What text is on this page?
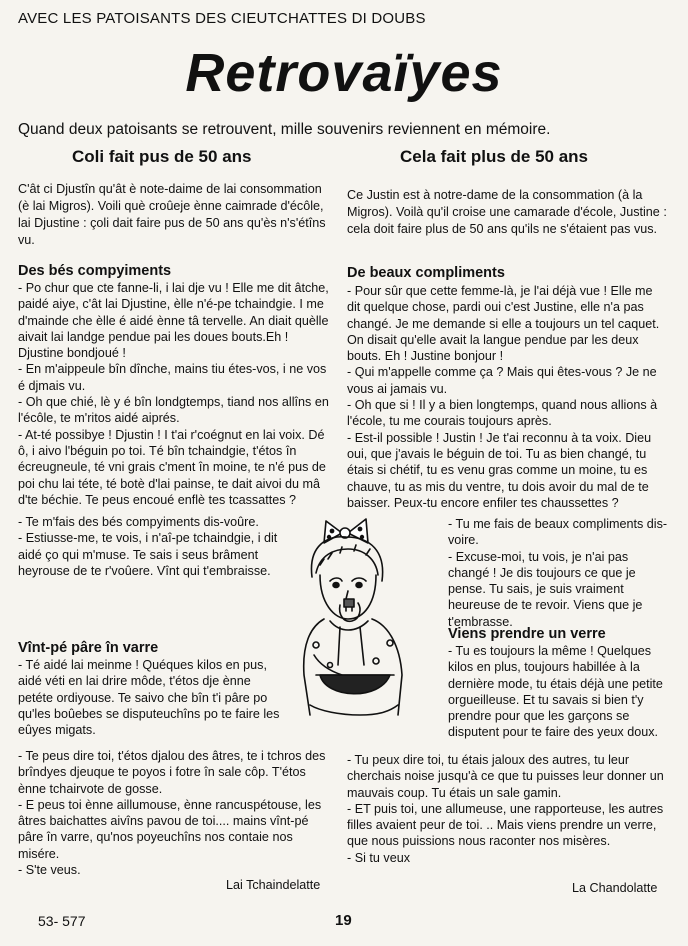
AVEC LES PATOISANTS DES CIEUTCHATTES DI DOUBS
Retrovaïyes
Quand deux patoisants se retrouvent, mille souvenirs reviennent en mémoire.
Coli fait pus de 50 ans	Cela fait plus de 50 ans
C'ât ci Djustîn qu'ât è note-daime de lai consommation (è lai Migros). Voili què croûeje ènne caimrade d'écôle, lai Djustine : çoli dait faire pus de 50 ans qu'ès n's'étîns vu.
Des bés compyiments

- Po chur que cte fanne-li, i lai dje vu ! Elle me dit âtche, paidé aiye, c'ât lai Djustine, èlle n'é-pe tchaindgie. I me d'mainde che èlle é aidé ènne tâ tervelle. An diait quèlle aivait lai landge pendue pai les doues bouts.Eh ! Djustine bondjoué !

- En m'aippeule bîn dînche, mains tiu étes-vos, i ne vos é djmais vu.

- Oh que chié, lè y é bîn londgtemps, tiand nos allîns en l'écôle, te m'ritos aidé aiprés.

- At-té possibye ! Djustin ! I t'ai r'coégnut en lai voix. Dé ô, i aivo l'béguin po toi. Té bîn tchaindgie, t'étos în écreugneule, té vni grais c'ment în moine, te n'é pus de poi chu lai téte, té botè d'lai painse, te dait aivoi du mâ d'te béchie. Te peus encoué enflè tes tcassattes ?

- Te m'fais des bés compyiments dis-voûre.

- Estiusse-me, te vois, i n'aî-pe tchaindgie, i dit aidé ço qui m'muse. Te sais i seus brâment heyrouse de te r'voûere. Vînt qui t'embraisse.

Vînt-pé pâre în varre

- Té aidé lai meinme ! Quéques kilos en pus, aidé véti en lai drire môde, t'étos dje ènne petéte ordiyouse. Te saivo che bîn t'i pâre po qu'les boûebes se disputeuchîns po te faire les eûyes migats.

- Te peus dire toi, t'étos djalou des âtres, te i tchros des brîndyes djeuque te poyos i fotre în sale côp. T'étos ènne tchairvote de gosse.

- E peus toi ènne aillumouse, ènne rancuspétouse, les âtres baichattes aivîns pavou de toi.... mains vînt-pé pâre în varre, qu'nos poyeuchîns nos contaie nos misére.

- S'te veus.

Lai Tchaindelatte
Ce Justin est à notre-dame de la consommation (à la Migros). Voilà qu'il croise une camarade d'école, Justine : cela doit faire plus de 50 ans qu'ils ne s'étaient pas vus.
De beaux compliments

- Pour sûr que cette femme-là, je l'ai déjà vue ! Elle me dit quelque chose, pardi oui c'est Justine, elle n'a pas changé. Je me demande si elle a toujours un tel caquet. On disait qu'elle avait la langue pendue par les deux bouts. Eh ! Justine bonjour !

- Qui m'appelle comme ça ? Mais qui êtes-vous ? Je ne vous ai jamais vu.

- Oh que si ! Il y a bien longtemps, quand nous allions à l'école, tu me courais toujours après.

- Est-il possible ! Justin ! Je t'ai reconnu à ta voix. Dieu oui, que j'avais le béguin de toi. Tu as bien changé, tu étais si chétif, tu es venu gras comme un moine, tu es chauve, tu as mis du ventre, tu dois avoir du mal de te baisser. Peux-tu encore enfiler tes chaussettes ?

- Tu me fais de beaux compliments dis-voire.

- Excuse-moi, tu vois, je n'ai pas changé ! Je dis toujours ce que je pense. Tu sais, je suis vraiment heureuse de te revoir. Viens que je t'embrasse.

Viens prendre un verre

- Tu es toujours la même ! Quelques kilos en plus, toujours habillée à la dernière mode, tu étais déjà une petite orgueilleuse. Et tu savais si bien t'y prendre pour que les garçons se disputent pour te faire des yeux doux.

- Tu peux dire toi, tu étais jaloux des autres, tu leur cherchais noise jusqu'à ce que tu puisses leur donner un mauvais coup. Tu étais un sale gamin.

- ET puis toi, une allumeuse, une rapporteuse, les autres filles avaient peur de toi. .. Mais viens prendre un verre, que nous puissions nous raconter nos misères.

- Si tu veux

La Chandolatte
53- 577	19
